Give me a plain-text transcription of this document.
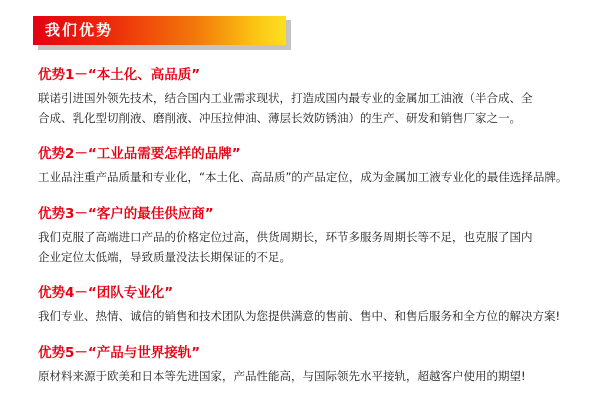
我们优势
优势1－“本土化、高品质”
联诺引进国外领先技术，结合国内工业需求现状，打造成国内最专业的金属加工油液（半合成、全
合成、乳化型切削液、磨削液、冲压拉伸油、薄层长效防锈油）的生产、研发和销售厂家之一。
优势2－“工业品需要怎样的品牌”
工业品注重产品质量和专业化，“本土化、高品质”的产品定位，成为金属加工液专业化的最佳选择品牌。
优势3－“客户的最佳供应商”
我们克服了高端进口产品的价格定位过高，供货周期长，环节多服务周期长等不足，也克服了国内
企业定位太低端，导致质量没法长期保证的不足。
优势4－“团队专业化”
我们专业、热情、诚信的销售和技术团队为您提供满意的售前、售中、和售后服务和全方位的解决方案!
优势5－“产品与世界接轨”
原材料来源于欧美和日本等先进国家，产品性能高，与国际领先水平接轨，超越客户使用的期望!
